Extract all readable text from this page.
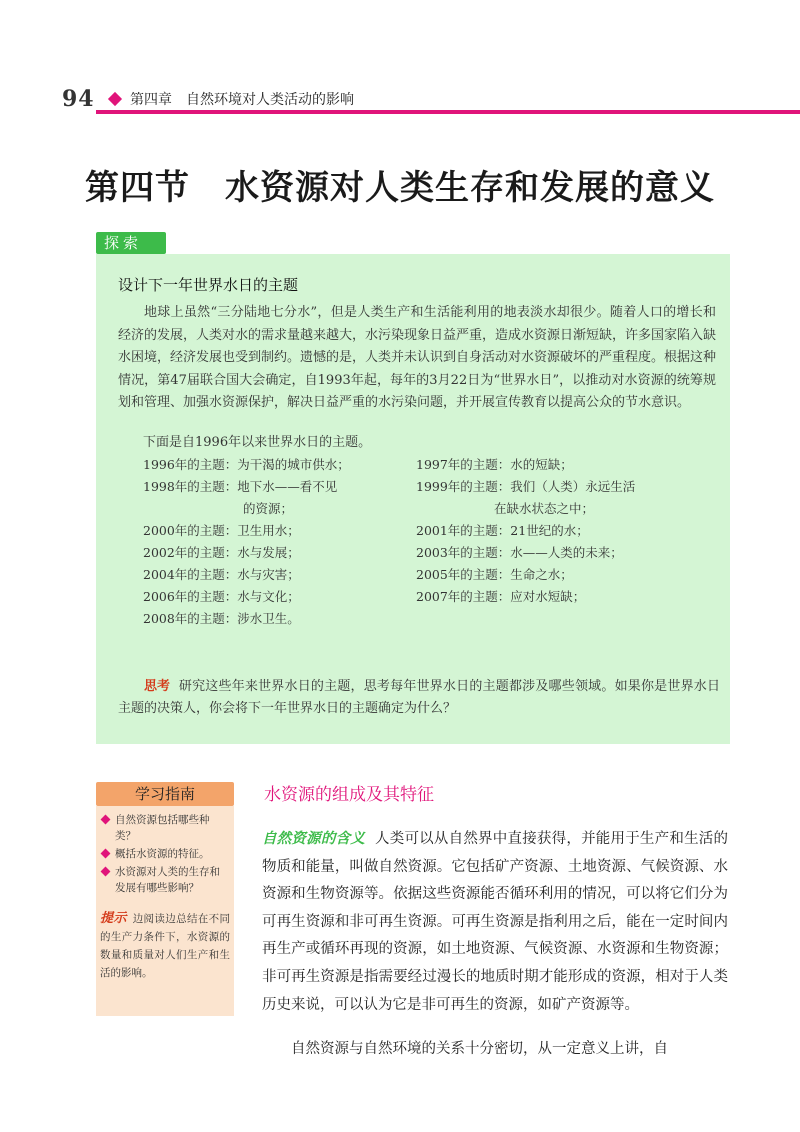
94	第四章 自然环境对人类活动的影响
第四节　水资源对人类生存和发展的意义
探索
设计下一年世界水日的主题
地球上虽然“三分陆地七分水”，但是人类生产和生活能利用的地表淡水却很少。随着人口的增长和经济的发展，人类对水的需求量越来越大，水污染现象日益严重，造成水资源日渐短缺，许多国家陷入缺水困境，经济发展也受到制约。遗憾的是，人类并未认识到自身活动对水资源破坏的严重程度。根据这种情况，第47届联合国大会确定，自1993年起，每年的3月22日为“世界水日”，以推动对水资源的统筹规划和管理、加强水资源保护，解决日益严重的水污染问题，并开展宣传教育以提高公众的节水意识。
下面是自1996年以来世界水日的主题。
1996年的主题：为干渴的城市供水；
1998年的主题：地下水——看不见
的资源；
2000年的主题：卫生用水；
2002年的主题：水与发展；
2004年的主题：水与灾害；
2006年的主题：水与文化；
2008年的主题：涉水卫生。
1997年的主题：水的短缺；
1999年的主题：我们（人类）永远生活
在缺水状态之中；
2001年的主题：21世纪的水；
2003年的主题：水——人类的未来；
2005年的主题：生命之水；
2007年的主题：应对水短缺；
研究这些年来世界水日的主题，思考每年世界水日的主题都涉及哪些领域。如果你是世界水日主题的决策人，你会将下一年世界水日的主题确定为什么？
思考
学习指南
自然资源包括哪些种类？
概括水资源的特征。
水资源对人类的生存和发展有哪些影响？
提示 边阅读边总结在不同的生产力条件下，水资源的数量和质量对人们生产和生活的影响。
水资源的组成及其特征
自然资源的含义 人类可以从自然界中直接获得，并能用于生产和生活的物质和能量，叫做自然资源。它包括矿产资源、土地资源、气候资源、水资源和生物资源等。依据这些资源能否循环利用的情况，可以将它们分为可再生资源和非可再生资源。可再生资源是指利用之后，能在一定时间内再生产或循环再现的资源，如土地资源、气候资源、水资源和生物资源；非可再生资源是指需要经过漫长的地质时期才能形成的资源，相对于人类历史来说，可以认为它是非可再生的资源，如矿产资源等。
自然资源与自然环境的关系十分密切，从一定意义上讲，自
